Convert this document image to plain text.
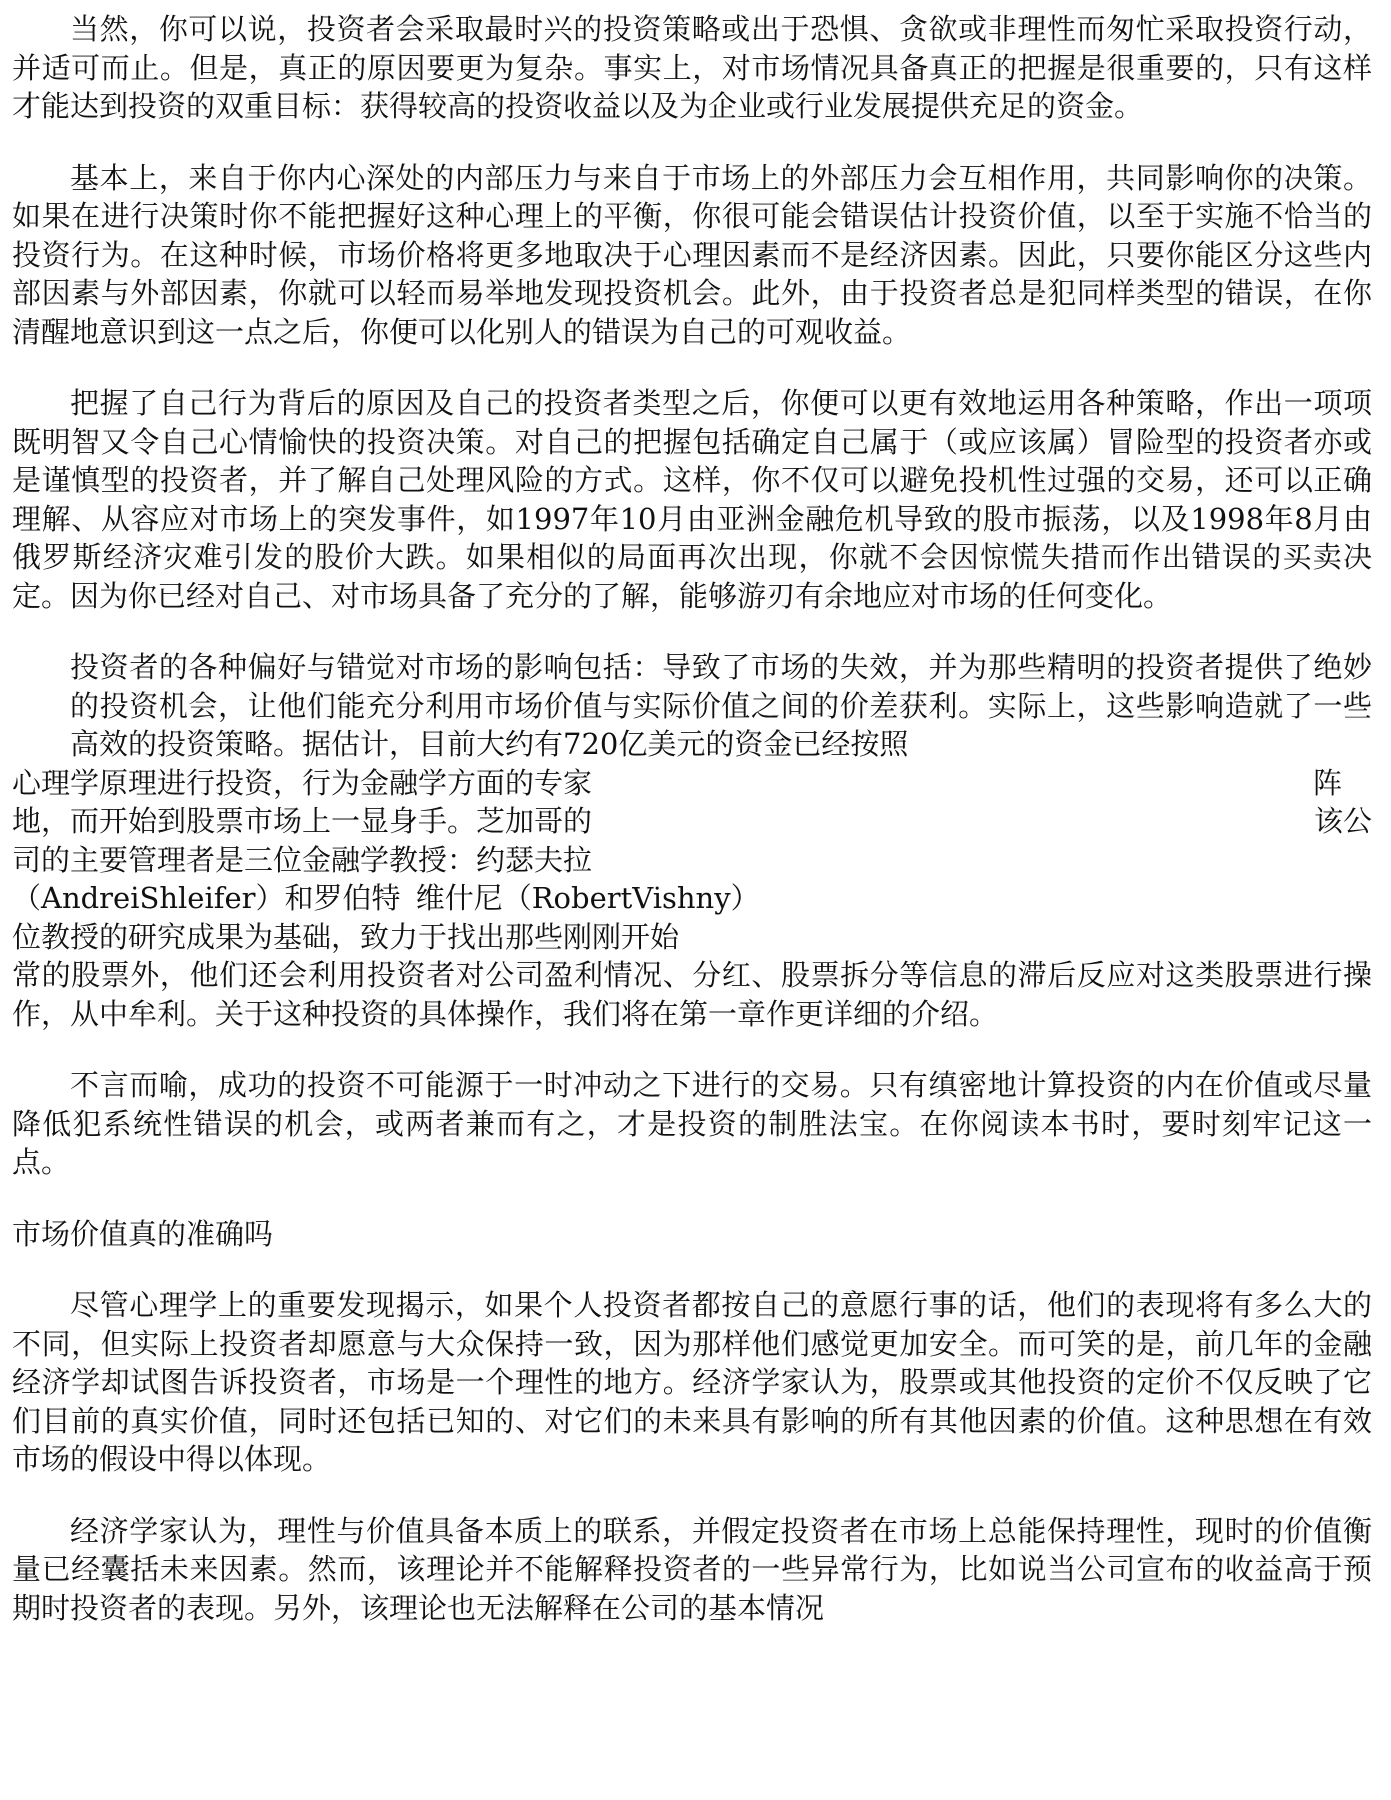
当然，你可以说，投资者会采取最时兴的投资策略或出于恐惧、贪欲或非理性而匆忙采取投资行动，并适可而止。但是，真正的原因要更为复杂。事实上，对市场情况具备真正的把握是很重要的，只有这样才能达到投资的双重目标：获得较高的投资收益以及为企业或行业发展提供充足的资金。

基本上，来自于你内心深处的内部压力与来自于市场上的外部压力会互相作用，共同影响你的决策。如果在进行决策时你不能把握好这种心理上的平衡，你很可能会错误估计投资价值，以至于实施不恰当的投资行为。在这种时候，市场价格将更多地取决于心理因素而不是经济因素。因此，只要你能区分这些内部因素与外部因素，你就可以轻而易举地发现投资机会。此外，由于投资者总是犯同样类型的错误，在你清醒地意识到这一点之后，你便可以化别人的错误为自己的可观收益。

把握了自己行为背后的原因及自己的投资者类型之后，你便可以更有效地运用各种策略，作出一项项既明智又令自己心情愉快的投资决策。对自己的把握包括确定自己属于（或应该属）冒险型的投资者亦或是谨慎型的投资者，并了解自己处理风险的方式。这样，你不仅可以避免投机性过强的交易，还可以正确理解、从容应对市场上的突发事件，如1997年10月由亚洲金融危机导致的股市振荡，以及1998年8月由俄罗斯经济灾难引发的股价大跌。如果相似的局面再次出现，你就不会因惊慌失措而作出错误的买卖决定。因为你已经对自己、对市场具备了充分的了解，能够游刃有余地应对市场的任何变化。

投资者的各种偏好与错觉对市场的影响包括：导致了市场的失效，并为那些精明的投资者提供了绝妙的投资机会，让他们能充分利用市场价值与实际价值之间的价差获利。实际上，这些影响造就了一些高效的投资策略。据估计，目前大约有720亿美元的资金已经按照
心理学原理进行投资，行为金融学方面的专家	阵
地，而开始到股票市场上一显身手。芝加哥的	该公
司的主要管理者是三位金融学教授：约瑟夫拉
（AndreiShleifer）和罗伯特 维什尼（RobertVishny）
位教授的研究成果为基础，致力于找出那些刚刚开始
常的股票外，他们还会利用投资者对公司盈利情况、分红、股票拆分等信息的滞后反应对这类股票进行操作，从中牟利。关于这种投资的具体操作，我们将在第一章作更详细的介绍。

不言而喻，成功的投资不可能源于一时冲动之下进行的交易。只有缜密地计算投资的内在价值或尽量降低犯系统性错误的机会，或两者兼而有之，才是投资的制胜法宝。在你阅读本书时，要时刻牢记这一点。

市场价值真的准确吗

尽管心理学上的重要发现揭示，如果个人投资者都按自己的意愿行事的话，他们的表现将有多么大的不同，但实际上投资者却愿意与大众保持一致，因为那样他们感觉更加安全。而可笑的是，前几年的金融经济学却试图告诉投资者，市场是一个理性的地方。经济学家认为，股票或其他投资的定价不仅反映了它们目前的真实价值，同时还包括已知的、对它们的未来具有影响的所有其他因素的价值。这种思想在有效市场的假设中得以体现。

经济学家认为，理性与价值具备本质上的联系，并假定投资者在市场上总能保持理性，现时的价值衡量已经囊括未来因素。然而，该理论并不能解释投资者的一些异常行为，比如说当公司宣布的收益高于预期时投资者的表现。另外，该理论也无法解释在公司的基本情况
